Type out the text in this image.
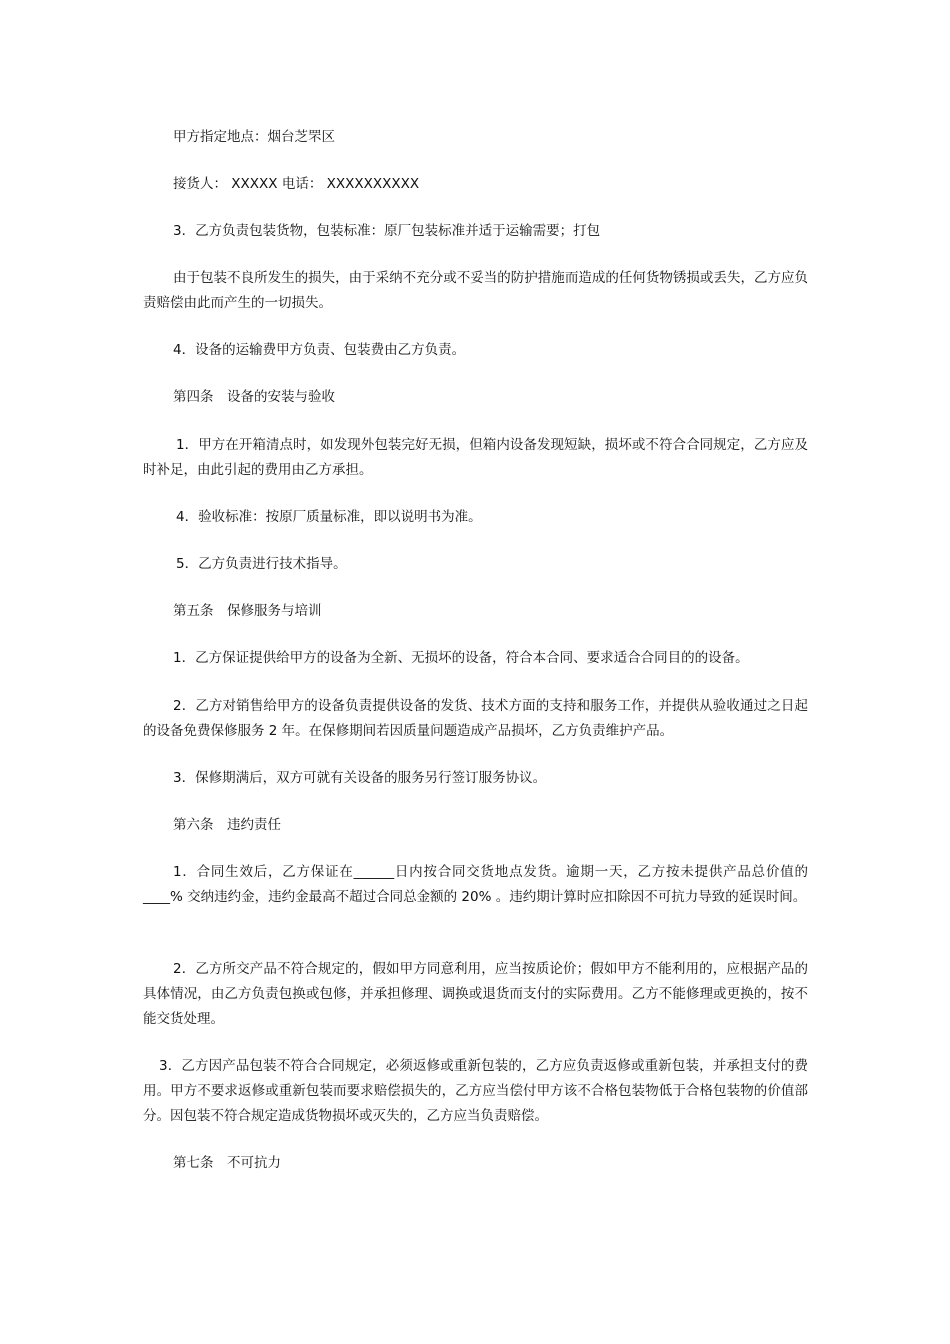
甲方指定地点：烟台芝罘区

接货人： XXXXX 电话： XXXXXXXXXX

3．乙方负责包装货物，包装标准：原厂包装标准并适于运输需要；打包

由于包装不良所发生的损失，由于采纳不充分或不妥当的防护措施而造成的任何货物锈损或丢失，乙方应负责赔偿由此而产生的一切损失。

4．设备的运输费甲方负责、包装费由乙方负责。

第四条　设备的安装与验收

1．甲方在开箱清点时，如发现外包装完好无损，但箱内设备发现短缺，损坏或不符合合同规定，乙方应及时补足，由此引起的费用由乙方承担。

4．验收标准：按原厂质量标准，即以说明书为准。

5．乙方负责进行技术指导。

第五条　保修服务与培训

1．乙方保证提供给甲方的设备为全新、无损坏的设备，符合本合同、要求适合合同目的的设备。

2．乙方对销售给甲方的设备负责提供设备的发货、技术方面的支持和服务工作，并提供从验收通过之日起的设备免费保修服务 2 年。在保修期间若因质量问题造成产品损坏，乙方负责维护产品。

3．保修期满后，双方可就有关设备的服务另行签订服务协议。

第六条　违约责任

1．合同生效后，乙方保证在______日内按合同交货地点发货。逾期一天，乙方按未提供产品总价值的____% 交纳违约金，违约金最高不超过合同总金额的 20% 。违约期计算时应扣除因不可抗力导致的延误时间。

2．乙方所交产品不符合规定的，假如甲方同意利用，应当按质论价；假如甲方不能利用的，应根据产品的具体情况，由乙方负责包换或包修，并承担修理、调换或退货而支付的实际费用。乙方不能修理或更换的，按不能交货处理。

3．乙方因产品包装不符合合同规定，必须返修或重新包装的，乙方应负责返修或重新包装，并承担支付的费用。甲方不要求返修或重新包装而要求赔偿损失的，乙方应当偿付甲方该不合格包装物低于合格包装物的价值部分。因包装不符合规定造成货物损坏或灭失的，乙方应当负责赔偿。

第七条　不可抗力
